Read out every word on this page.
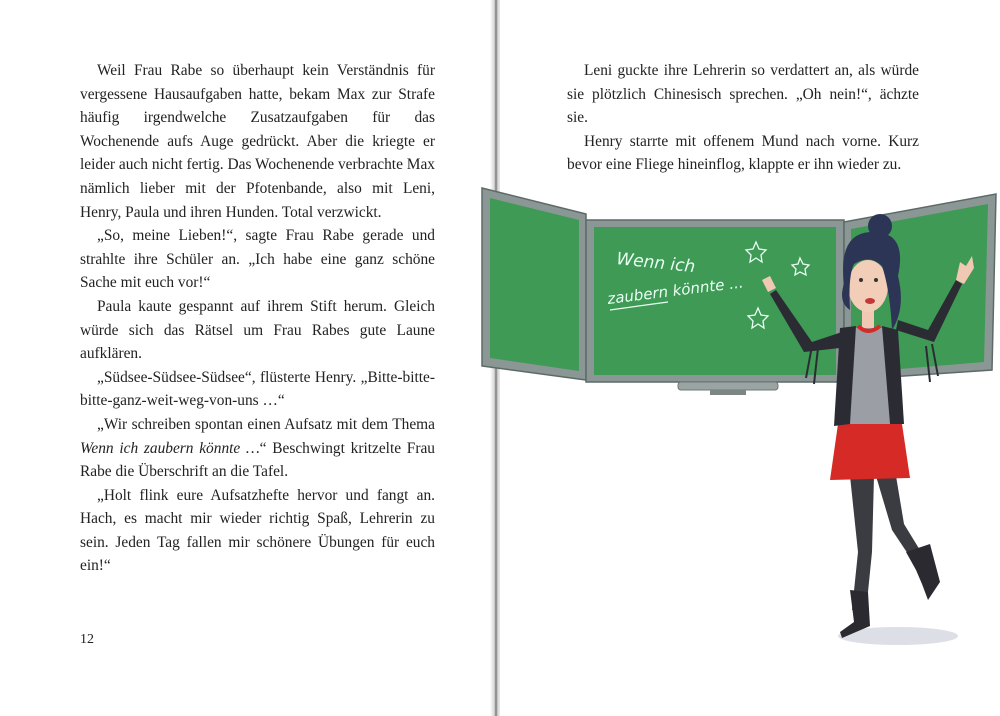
Weil Frau Rabe so überhaupt kein Verständnis für vergessene Hausaufgaben hatte, bekam Max zur Strafe häufig irgendwelche Zusatzaufgaben für das Wochenende aufs Auge gedrückt. Aber die kriegte er leider auch nicht fertig. Das Wochenende verbrachte Max nämlich lieber mit der Pfotenbande, also mit Leni, Henry, Paula und ihren Hunden. Total verzwickt.

„So, meine Lieben!“, sagte Frau Rabe gerade und strahlte ihre Schüler an. „Ich habe eine ganz schöne Sache mit euch vor!“

Paula kaute gespannt auf ihrem Stift herum. Gleich würde sich das Rätsel um Frau Rabes gute Laune aufklären.

„Südsee-Südsee-Südsee“, flüsterte Henry. „Bitte-bitte-bitte-ganz-weit-weg-von-uns …“

„Wir schreiben spontan einen Aufsatz mit dem Thema Wenn ich zaubern könnte …“ Beschwingt kritzelte Frau Rabe die Überschrift an die Tafel.

„Holt flink eure Aufsatzhefte hervor und fangt an. Hach, es macht mir wieder richtig Spaß, Lehrerin zu sein. Jeden Tag fallen mir schönere Übungen für euch ein!“

12

Leni guckte ihre Lehrerin so verdattert an, als würde sie plötzlich Chinesisch sprechen. „Oh nein!“, ächzte sie.

Henry starrte mit offenem Mund nach vorne. Kurz bevor eine Fliege hineinflog, klappte er ihn wieder zu.

Wenn ich
zaubern könnte ...
